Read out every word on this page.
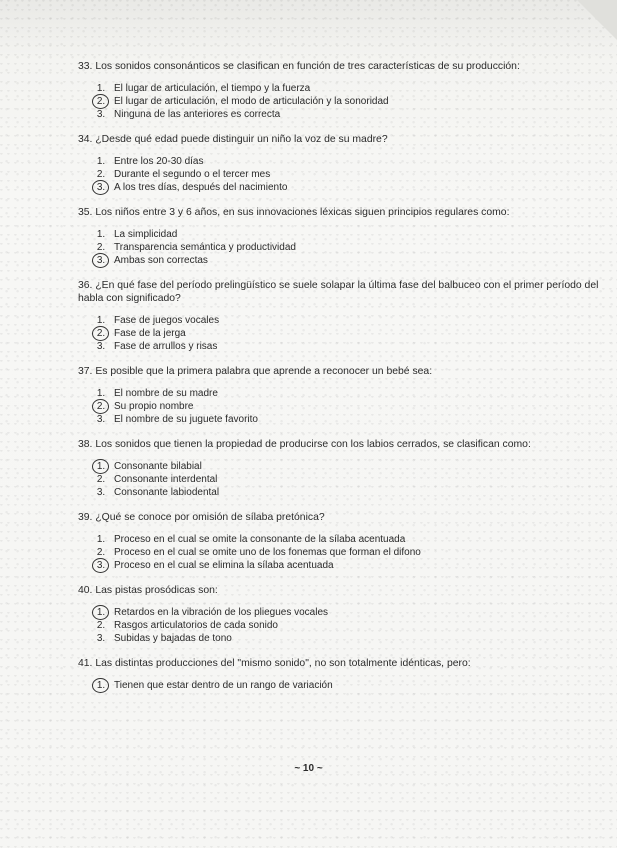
33. Los sonidos consonánticos se clasifican en función de tres características de su producción:

1. El lugar de articulación, el tiempo y la fuerza
2. El lugar de articulación, el modo de articulación y la sonoridad
3. Ninguna de las anteriores es correcta

34. ¿Desde qué edad puede distinguir un niño la voz de su madre?

1. Entre los 20-30 días
2. Durante el segundo o el tercer mes
3. A los tres días, después del nacimiento

35. Los niños entre 3 y 6 años, en sus innovaciones léxicas siguen principios regulares como:

1. La simplicidad
2. Transparencia semántica y productividad
3. Ambas son correctas

36. ¿En qué fase del período prelingüístico se suele solapar la última fase del balbuceo con el primer período del habla con significado?

1. Fase de juegos vocales
2. Fase de la jerga
3. Fase de arrullos y risas

37. Es posible que la primera palabra que aprende a reconocer un bebé sea:

1. El nombre de su madre
2. Su propio nombre
3. El nombre de su juguete favorito

38. Los sonidos que tienen la propiedad de producirse con los labios cerrados, se clasifican como:

1. Consonante bilabial
2. Consonante interdental
3. Consonante labiodental

39. ¿Qué se conoce por omisión de sílaba pretónica?

1. Proceso en el cual se omite la consonante de la sílaba acentuada
2. Proceso en el cual se omite uno de los fonemas que forman el difono
3. Proceso en el cual se elimina la sílaba acentuada

40. Las pistas prosódicas son:

1. Retardos en la vibración de los pliegues vocales
2. Rasgos articulatorios de cada sonido
3. Subidas y bajadas de tono

41. Las distintas producciones del "mismo sonido", no son totalmente idénticas, pero:

1. Tienen que estar dentro de un rango de variación
~ 10 ~
